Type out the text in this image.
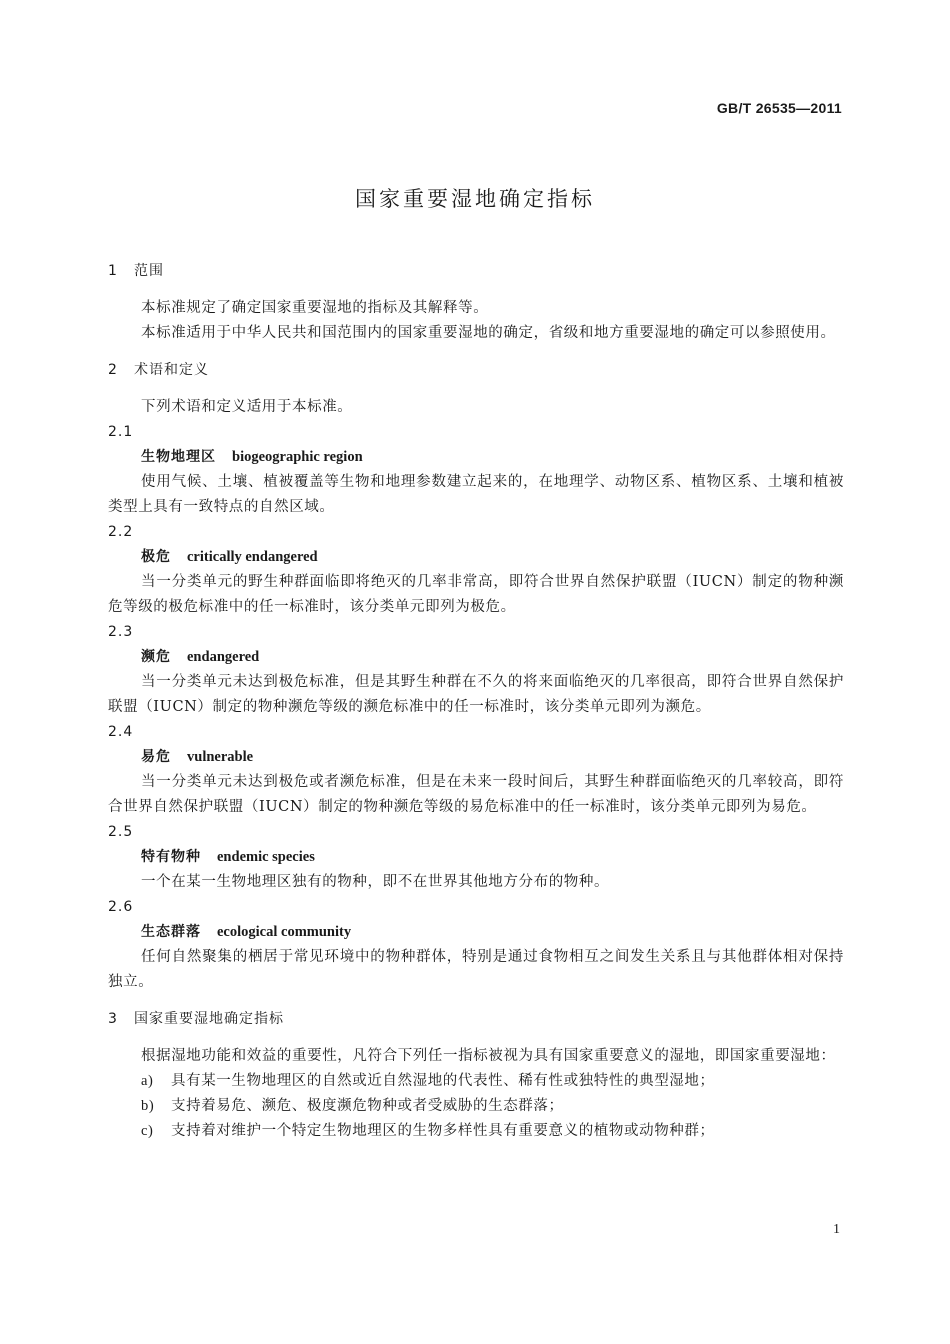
GB/T 26535—2011
国家重要湿地确定指标
1 范围

本标准规定了确定国家重要湿地的指标及其解释等。

本标准适用于中华人民共和国范围内的国家重要湿地的确定，省级和地方重要湿地的确定可以参照使用。

2 术语和定义

下列术语和定义适用于本标准。

2.1
生物地理区 biogeographic region

使用气候、土壤、植被覆盖等生物和地理参数建立起来的，在地理学、动物区系、植物区系、土壤和植被类型上具有一致特点的自然区域。

2.2
极危 critically endangered

当一分类单元的野生种群面临即将绝灭的几率非常高，即符合世界自然保护联盟（IUCN）制定的物种濒危等级的极危标准中的任一标准时，该分类单元即列为极危。

2.3
濒危 endangered

当一分类单元未达到极危标准，但是其野生种群在不久的将来面临绝灭的几率很高，即符合世界自然保护联盟（IUCN）制定的物种濒危等级的濒危标准中的任一标准时，该分类单元即列为濒危。

2.4
易危 vulnerable

当一分类单元未达到极危或者濒危标准，但是在未来一段时间后，其野生种群面临绝灭的几率较高，即符合世界自然保护联盟（IUCN）制定的物种濒危等级的易危标准中的任一标准时，该分类单元即列为易危。

2.5
特有物种 endemic species

一个在某一生物地理区独有的物种，即不在世界其他地方分布的物种。

2.6
生态群落 ecological community

任何自然聚集的栖居于常见环境中的物种群体，特别是通过食物相互之间发生关系且与其他群体相对保持独立。

3 国家重要湿地确定指标

根据湿地功能和效益的重要性，凡符合下列任一指标被视为具有国家重要意义的湿地，即国家重要湿地：

a) 具有某一生物地理区的自然或近自然湿地的代表性、稀有性或独特性的典型湿地；
b) 支持着易危、濒危、极度濒危物种或者受威胁的生态群落；
c) 支持着对维护一个特定生物地理区的生物多样性具有重要意义的植物或动物种群；
1
